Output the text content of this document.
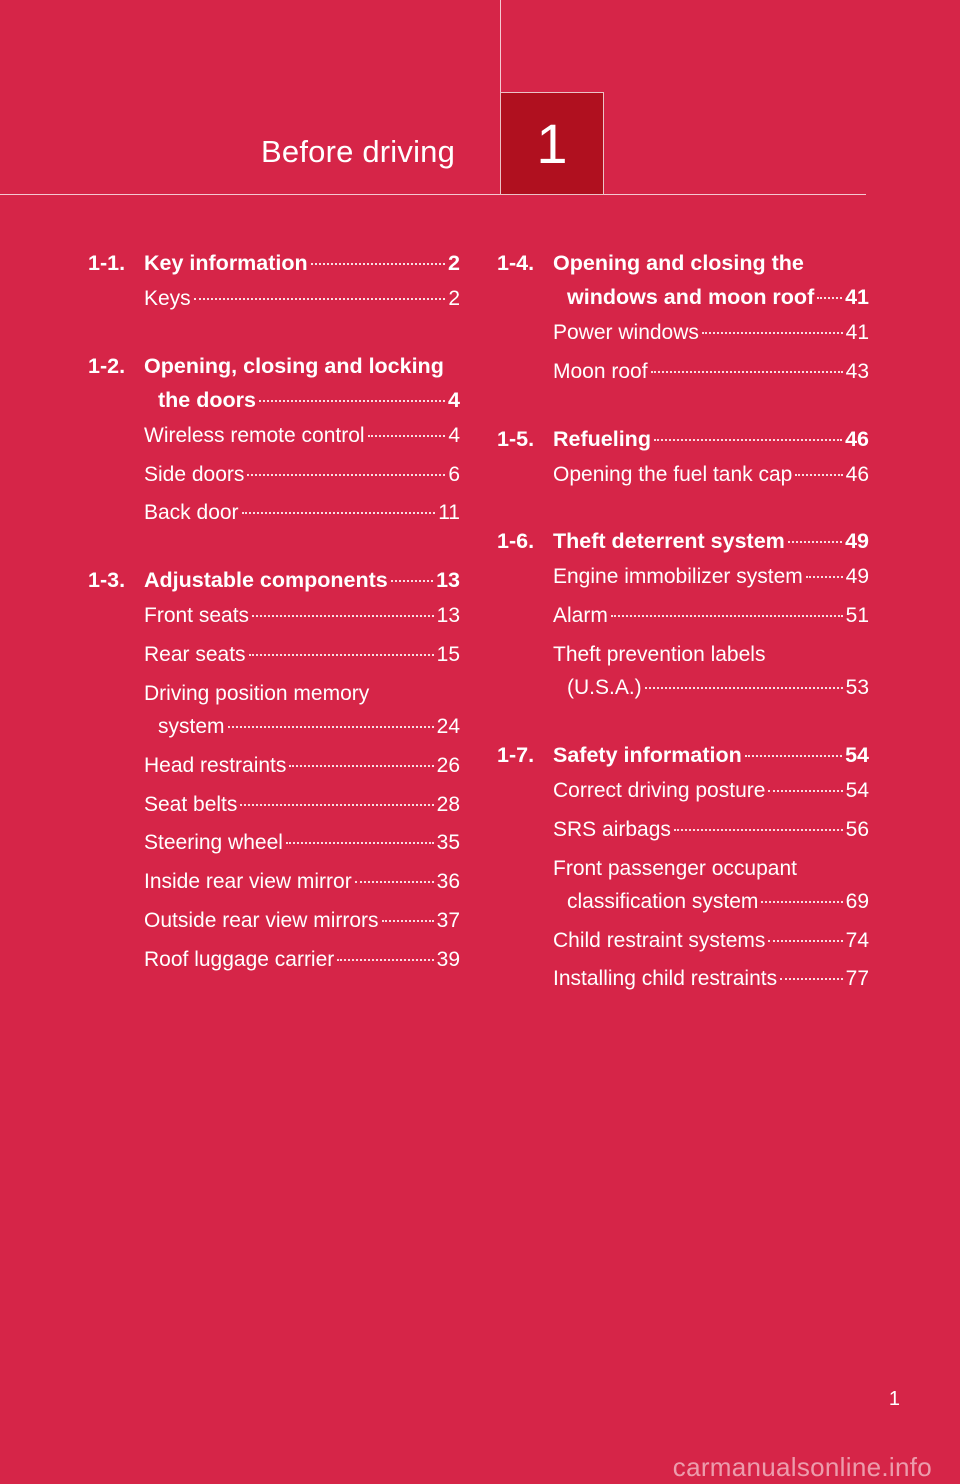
Before driving 1
1-1. Key information	2
Keys	2
1-2. Opening, closing and locking
the doors	4
Wireless remote control	4
Side doors	6
Back door	11
1-3. Adjustable components 13
Front seats	13
Rear seats	15
Driving position memory
system	24
Head restraints	26
Seat belts	28
Steering wheel	35
Inside rear view mirror	36
Outside rear view mirrors	37
Roof luggage carrier	39
1-4. Opening and closing the
windows and moon roof 41
Power windows	41
Moon roof	43
1-5. Refueling	46
Opening the fuel tank cap	46
1-6. Theft deterrent system	49
Engine immobilizer system 49
Alarm	51
Theft prevention labels
(U.S.A.)	53
1-7. Safety information	54
Correct driving posture	54
SRS airbags	56
Front passenger occupant
classification system	69
Child restraint systems	74
Installing child restraints	77
1
carmanualsonline.info
